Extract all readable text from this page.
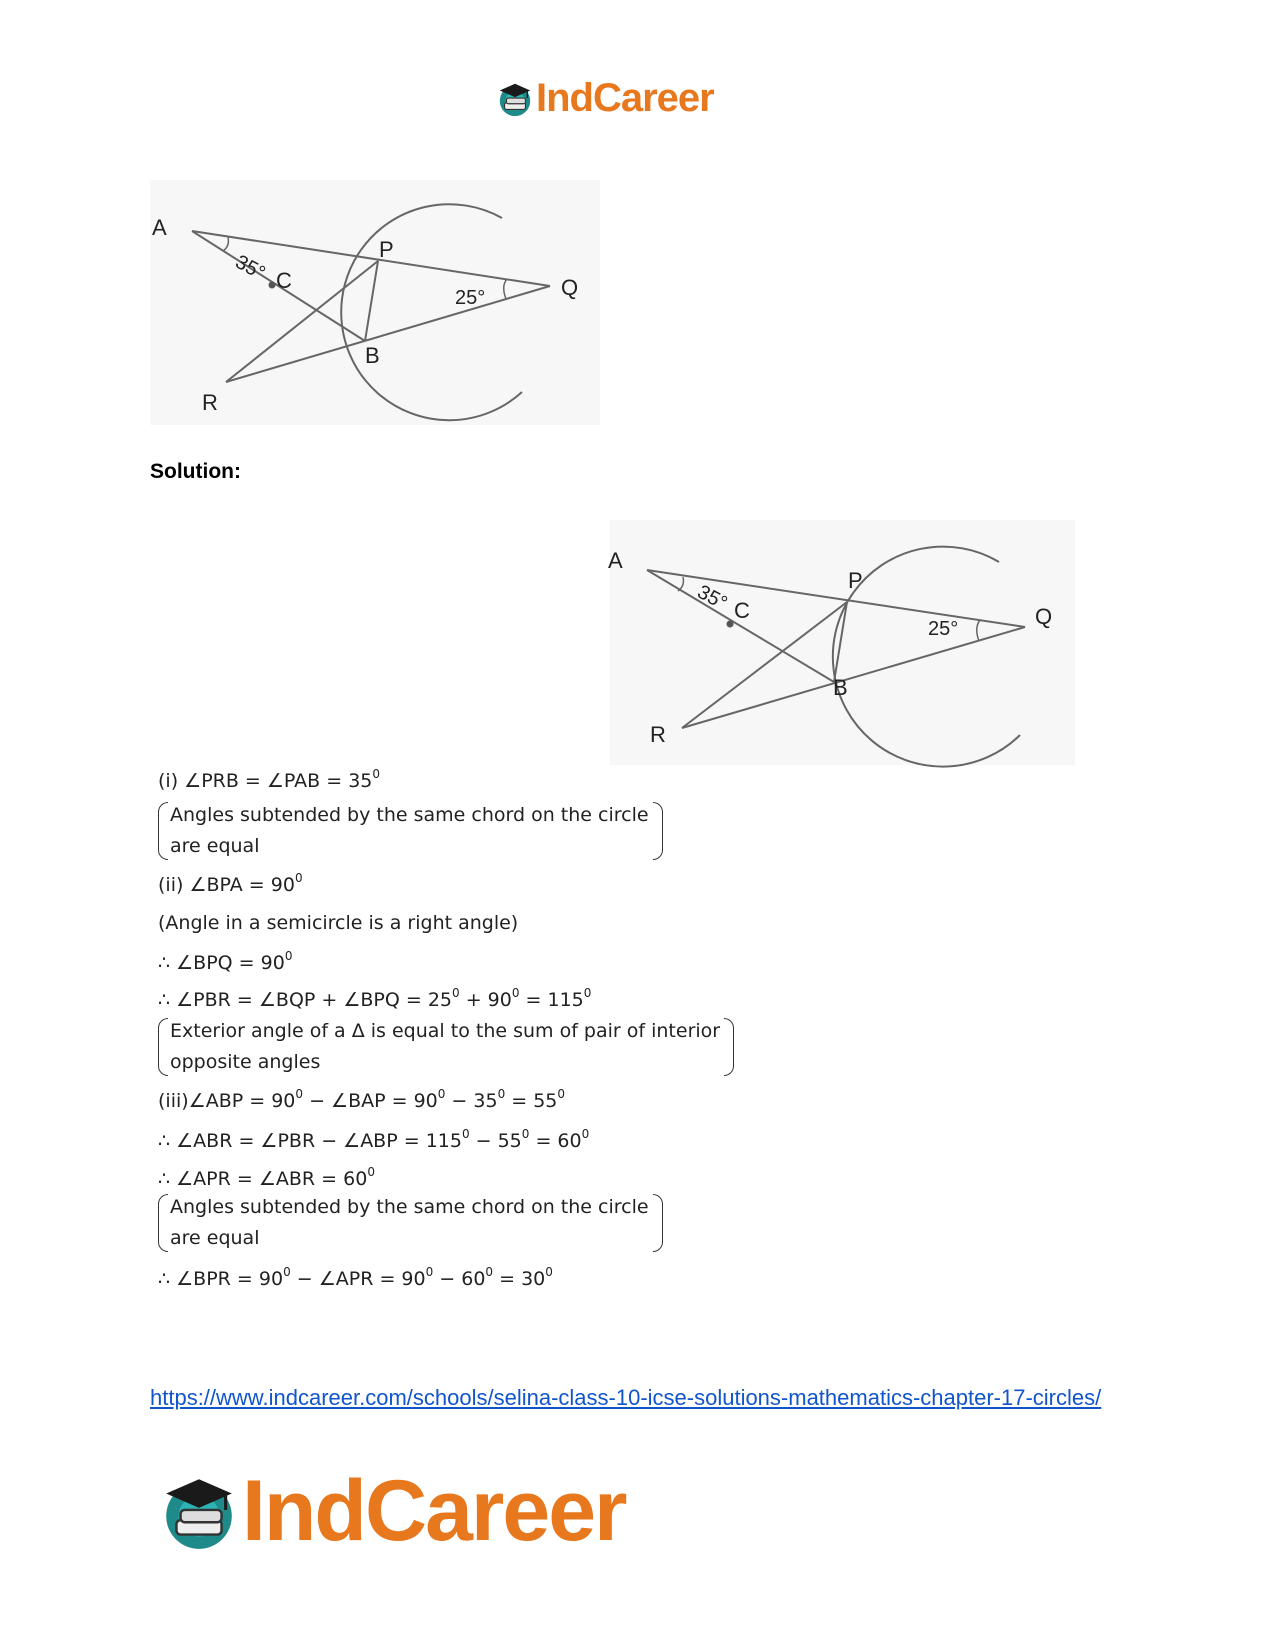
IndCareer
A
P
C	Q
B
R
35°
25°
Solution:
A
P
C	Q
B
R
35°
25°
(i) ∠PRB = ∠PAB = $35^0$
Angles subtended by the same chord on the circle
are equal
(ii) ∠BPA = $90^0$
(Angle in a semicircle is a right angle)
∴ ∠BPQ = $90^0$
∴ ∠PBR = ∠BQP + ∠BPQ = $25^0 + 90^0 = 115^0$
Exterior angle of a Δ is equal to the sum of pair of interior
opposite angles
(iii)∠ABP = $90^0$ − ∠BAP = $90^0 - 35^0 = 55^0$
∴ ∠ABR = ∠PBR − ∠ABP = $115^0 - 55^0 = 60^0$
∴ ∠APR = ∠ABR = $60^0$
Angles subtended by the same chord on the circle
are equal
∴ ∠BPR = $90^0$ − ∠APR = $90^0 - 60^0 = 30^0$
https://www.indcareer.com/schools/selina-class-10-icse-solutions-mathematics-chapter-17-circles/
IndCareer
